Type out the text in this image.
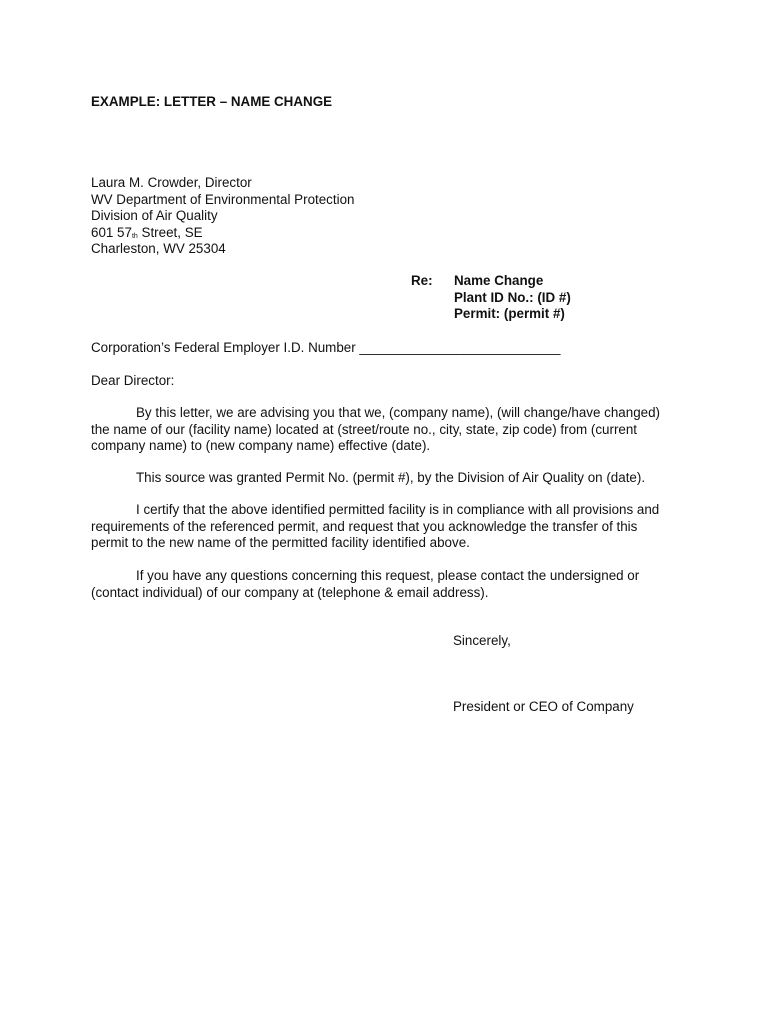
EXAMPLE: LETTER – NAME CHANGE

Laura M. Crowder, Director
WV Department of Environmental Protection
Division of Air Quality
601 57th Street, SE
Charleston, WV 25304
Re: Name Change
Plant ID No.: (ID #)
Permit: (permit #)

Corporation’s Federal Employer I.D. Number ___________________________

Dear Director:

By this letter, we are advising you that we, (company name), (will change/have changed) the name of our (facility name) located at (street/route no., city, state, zip code) from (current company name) to (new company name) effective (date).

This source was granted Permit No. (permit #), by the Division of Air Quality on (date).

I certify that the above identified permitted facility is in compliance with all provisions and requirements of the referenced permit, and request that you acknowledge the transfer of this permit to the new name of the permitted facility identified above.

If you have any questions concerning this request, please contact the undersigned or (contact individual) of our company at (telephone & email address).

Sincerely,

President or CEO of Company
